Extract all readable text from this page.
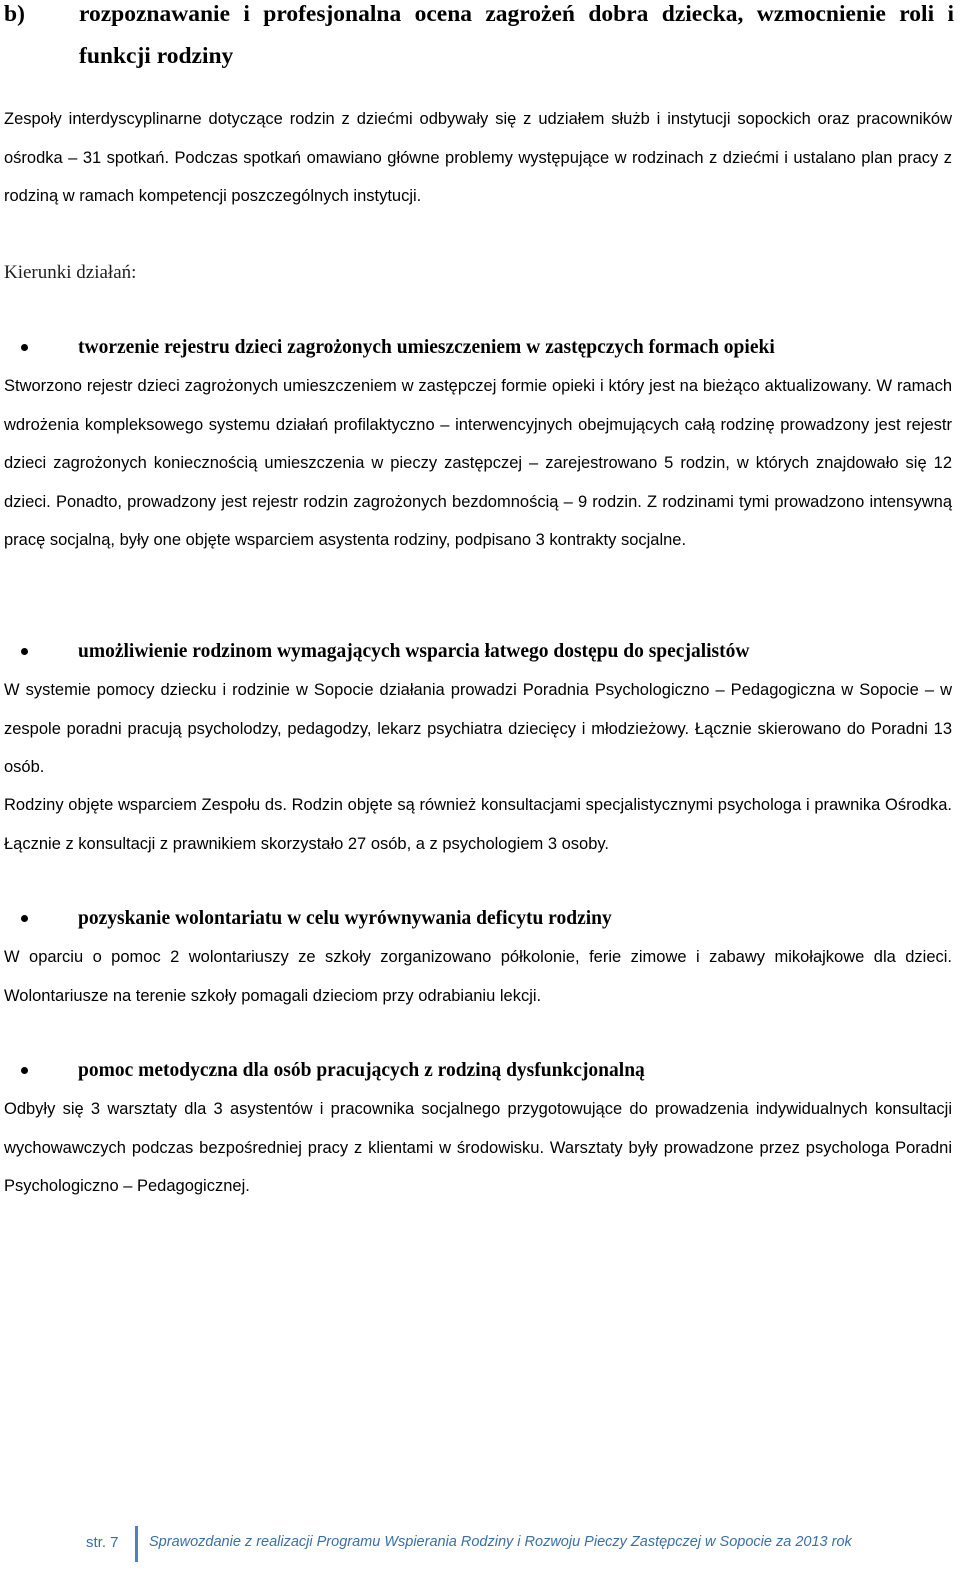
b) rozpoznawanie i profesjonalna ocena zagrożeń dobra dziecka, wzmocnienie roli i funkcji rodziny

Zespoły interdyscyplinarne dotyczące rodzin z dziećmi odbywały się z udziałem służb i instytucji sopockich oraz pracowników ośrodka – 31 spotkań. Podczas spotkań omawiano główne problemy występujące w rodzinach z dziećmi i ustalano plan pracy z rodziną w ramach kompetencji poszczególnych instytucji.

Kierunki działań:
tworzenie rejestru dzieci zagrożonych umieszczeniem w zastępczych formach opieki

Stworzono rejestr dzieci zagrożonych umieszczeniem w zastępczej formie opieki i który jest na bieżąco aktualizowany. W ramach wdrożenia kompleksowego systemu działań profilaktyczno – interwencyjnych obejmujących całą rodzinę prowadzony jest rejestr dzieci zagrożonych koniecznością umieszczenia w pieczy zastępczej – zarejestrowano 5 rodzin, w których znajdowało się 12 dzieci. Ponadto, prowadzony jest rejestr rodzin zagrożonych bezdomnością – 9 rodzin. Z rodzinami tymi prowadzono intensywną pracę socjalną, były one objęte wsparciem asystenta rodziny, podpisano 3 kontrakty socjalne.

umożliwienie rodzinom wymagających wsparcia łatwego dostępu do specjalistów

W systemie pomocy dziecku i rodzinie w Sopocie działania prowadzi Poradnia Psychologiczno – Pedagogiczna w Sopocie – w zespole poradni pracują psycholodzy, pedagodzy, lekarz psychiatra dziecięcy i młodzieżowy. Łącznie skierowano do Poradni 13 osób.

Rodziny objęte wsparciem Zespołu ds. Rodzin objęte są również konsultacjami specjalistycznymi psychologa i prawnika Ośrodka. Łącznie z konsultacji z prawnikiem skorzystało 27 osób, a z psychologiem 3 osoby.

pozyskanie wolontariatu w celu wyrównywania deficytu rodziny

W oparciu o pomoc 2 wolontariuszy ze szkoły zorganizowano półkolonie, ferie zimowe i zabawy mikołajkowe dla dzieci. Wolontariusze na terenie szkoły pomagali dzieciom przy odrabianiu lekcji.

pomoc metodyczna dla osób pracujących z rodziną dysfunkcjonalną

Odbyły się 3 warsztaty dla 3 asystentów i pracownika socjalnego przygotowujące do prowadzenia indywidualnych konsultacji wychowawczych podczas bezpośredniej pracy z klientami w środowisku. Warsztaty były prowadzone przez psychologa Poradni Psychologiczno – Pedagogicznej.

str. 7 Sprawozdanie z realizacji Programu Wspierania Rodziny i Rozwoju Pieczy Zastępczej w Sopocie za 2013 rok
